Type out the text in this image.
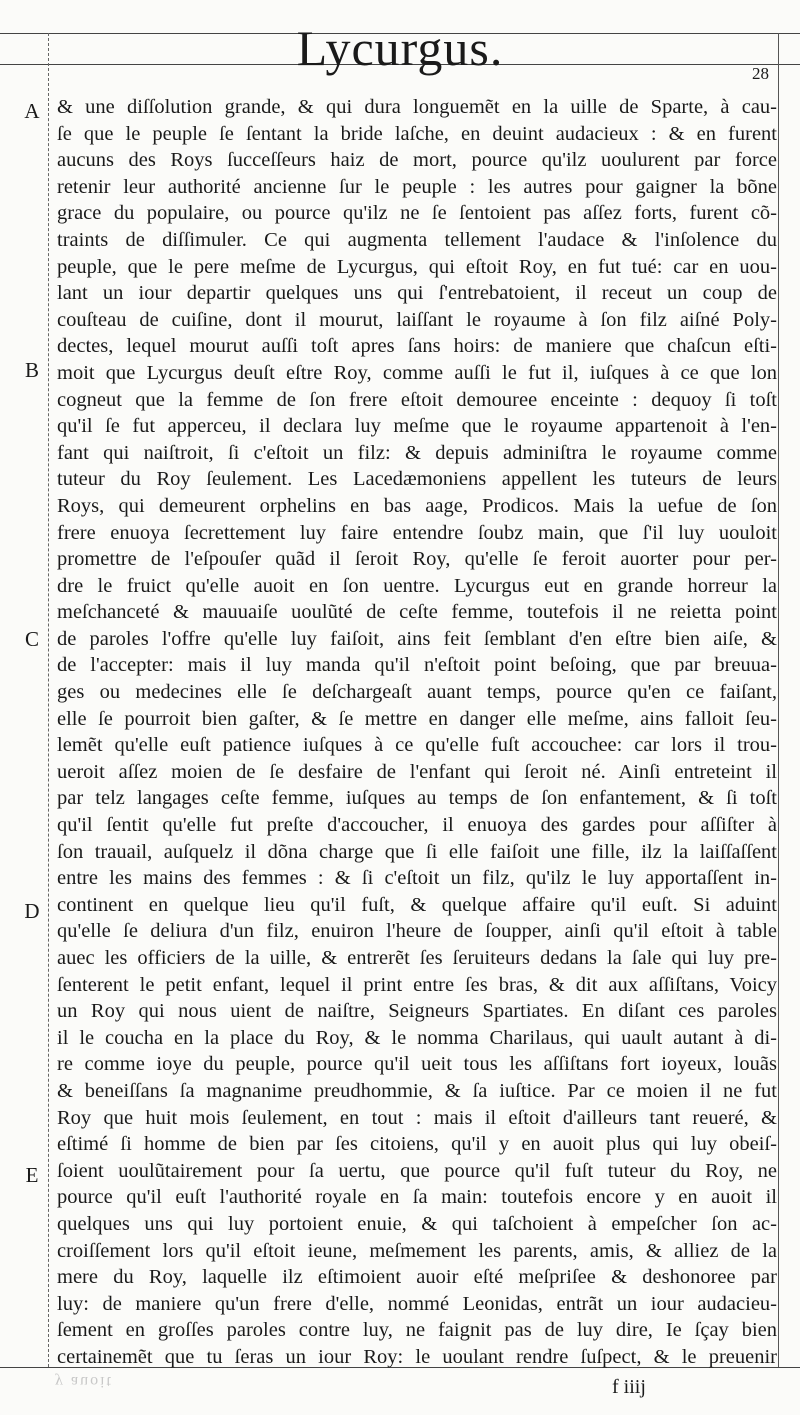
Lycurgus.	28
A
B
C
D
E
& une diſſolution grande, & qui dura longuemẽt en la uille de Sparte, à cau-
ſe que le peuple ſe ſentant la bride laſche, en deuint audacieux : & en furent
aucuns des Roys ſucceſſeurs haiz de mort, pource qu'ilz uoulurent par force
retenir leur authorité ancienne ſur le peuple : les autres pour gaigner la bõne
grace du populaire, ou pource qu'ilz ne ſe ſentoient pas aſſez forts, furent cõ-
traints de diſſimuler. Ce qui augmenta tellement l'audace & l'inſolence du
peuple, que le pere meſme de Lycurgus, qui eſtoit Roy, en fut tué: car en uou-
lant un iour departir quelques uns qui ſ'entrebatoient, il receut un coup de
couſteau de cuiſine, dont il mourut, laiſſant le royaume à ſon filz aiſné Poly-
dectes, lequel mourut auſſi toſt apres ſans hoirs: de maniere que chaſcun eſti-
moit que Lycurgus deuſt eſtre Roy, comme auſſi le fut il, iuſques à ce que lon
cogneut que la femme de ſon frere eſtoit demouree enceinte : dequoy ſi toſt
qu'il ſe fut apperceu, il declara luy meſme que le royaume appartenoit à l'en-
fant qui naiſtroit, ſi c'eſtoit un filz: & depuis adminiſtra le royaume comme
tuteur du Roy ſeulement. Les Lacedæmoniens appellent les tuteurs de leurs
Roys, qui demeurent orphelins en bas aage, Prodicos. Mais la uefue de ſon
frere enuoya ſecrettement luy faire entendre ſoubz main, que ſ'il luy uouloit
promettre de l'eſpouſer quãd il ſeroit Roy, qu'elle ſe feroit auorter pour per-
dre le fruict qu'elle auoit en ſon uentre. Lycurgus eut en grande horreur la
meſchanceté & mauuaiſe uoulũté de ceſte femme, toutefois il ne reietta point
de paroles l'offre qu'elle luy faiſoit, ains feit ſemblant d'en eſtre bien aiſe, &
de l'accepter: mais il luy manda qu'il n'eſtoit point beſoing, que par breuua-
ges ou medecines elle ſe deſchargeaſt auant temps, pource qu'en ce faiſant,
elle ſe pourroit bien gaſter, & ſe mettre en danger elle meſme, ains falloit ſeu-
lemẽt qu'elle euſt patience iuſques à ce qu'elle fuſt accouchee: car lors il trou-
ueroit aſſez moien de ſe desfaire de l'enfant qui ſeroit né. Ainſi entreteint il
par telz langages ceſte femme, iuſques au temps de ſon enfantement, & ſi toſt
qu'il ſentit qu'elle fut preſte d'accoucher, il enuoya des gardes pour aſſiſter à
ſon trauail, auſquelz il dõna charge que ſi elle faiſoit une fille, ilz la laiſſaſſent
entre les mains des femmes : & ſi c'eſtoit un filz, qu'ilz le luy apportaſſent in-
continent en quelque lieu qu'il fuſt, & quelque affaire qu'il euſt. Si aduint
qu'elle ſe deliura d'un filz, enuiron l'heure de ſoupper, ainſi qu'il eſtoit à table
auec les officiers de la uille, & entrerẽt ſes ſeruiteurs dedans la ſale qui luy pre-
ſenterent le petit enfant, lequel il print entre ſes bras, & dit aux aſſiſtans, Voicy
un Roy qui nous uient de naiſtre, Seigneurs Spartiates. En diſant ces paroles
il le coucha en la place du Roy, & le nomma Charilaus, qui uault autant à di-
re comme ioye du peuple, pource qu'il ueit tous les aſſiſtans fort ioyeux, louãs
& beneiſſans ſa magnanime preudhommie, & ſa iuſtice. Par ce moien il ne fut
Roy que huit mois ſeulement, en tout : mais il eſtoit d'ailleurs tant reueré, &
eſtimé ſi homme de bien par ſes citoiens, qu'il y en auoit plus qui luy obeiſ-
ſoient uoulũtairement pour ſa uertu, que pource qu'il fuſt tuteur du Roy, ne
pource qu'il euſt l'authorité royale en ſa main: toutefois encore y en auoit il
quelques uns qui luy portoient enuie, & qui taſchoient à empeſcher ſon ac-
croiſſement lors qu'il eſtoit ieune, meſmement les parents, amis, & alliez de la
mere du Roy, laquelle ilz eſtimoient auoir eſté meſpriſee & deshonoree par
luy: de maniere qu'un frere d'elle, nommé Leonidas, entrãt un iour audacieu-
ſement en groſſes paroles contre luy, ne faignit pas de luy dire, Ie ſçay bien
certainemẽt que tu ſeras un iour Roy: le uoulant rendre ſuſpect, & le preuenir
y auoit	f iiij
